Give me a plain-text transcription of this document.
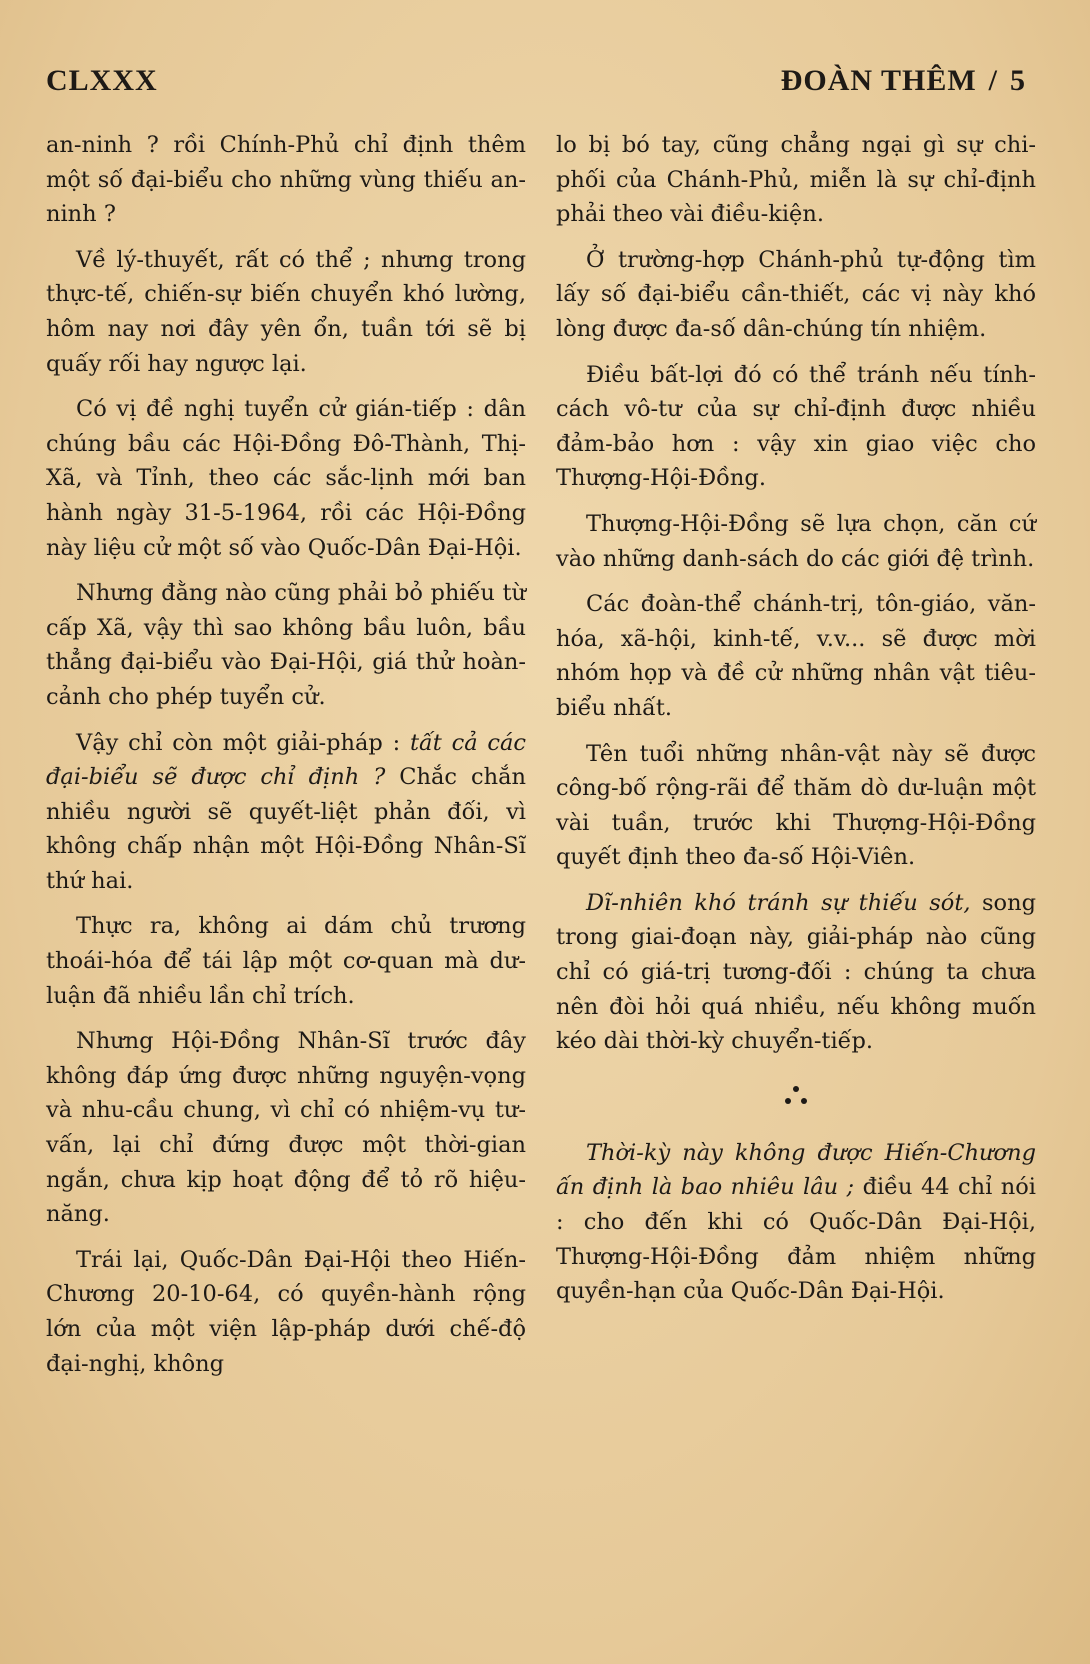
CLXXX	ĐOÀN THÊM / 5

an-ninh ? rồi Chính-Phủ chỉ định thêm một số đại-biểu cho những vùng thiếu an-ninh ?

Về lý-thuyết, rất có thể ; nhưng trong thực-tế, chiến-sự biến chuyển khó lường, hôm nay nơi đây yên ổn, tuần tới sẽ bị quấy rối hay ngược lại.

Có vị đề nghị tuyển cử gián-tiếp : dân chúng bầu các Hội-Đồng Đô-Thành, Thị-Xã, và Tỉnh, theo các sắc-lịnh mới ban hành ngày 31-5-1964, rồi các Hội-Đồng này liệu cử một số vào Quốc-Dân Đại-Hội.

Nhưng đằng nào cũng phải bỏ phiếu từ cấp Xã, vậy thì sao không bầu luôn, bầu thẳng đại-biểu vào Đại-Hội, giá thử hoàn-cảnh cho phép tuyển cử.

Vậy chỉ còn một giải-pháp : tất cả các đại-biểu sẽ được chỉ định ? Chắc chắn nhiều người sẽ quyết-liệt phản đối, vì không chấp nhận một Hội-Đồng Nhân-Sĩ thứ hai.

Thực ra, không ai dám chủ trương thoái-hóa để tái lập một cơ-quan mà dư-luận đã nhiều lần chỉ trích.

Nhưng Hội-Đồng Nhân-Sĩ trước đây không đáp ứng được những nguyện-vọng và nhu-cầu chung, vì chỉ có nhiệm-vụ tư-vấn, lại chỉ đứng được một thời-gian ngắn, chưa kịp hoạt động để tỏ rõ hiệu-năng.

Trái lại, Quốc-Dân Đại-Hội theo Hiến-Chương 20-10-64, có quyền-hành rộng lớn của một viện lập-pháp dưới chế-độ đại-nghị, không

lo bị bó tay, cũng chẳng ngại gì sự chi-phối của Chánh-Phủ, miễn là sự chỉ-định phải theo vài điều-kiện.

Ở trường-hợp Chánh-phủ tự-động tìm lấy số đại-biểu cần-thiết, các vị này khó lòng được đa-số dân-chúng tín nhiệm.

Điều bất-lợi đó có thể tránh nếu tính-cách vô-tư của sự chỉ-định được nhiều đảm-bảo hơn : vậy xin giao việc cho Thượng-Hội-Đồng.

Thượng-Hội-Đồng sẽ lựa chọn, căn cứ vào những danh-sách do các giới đệ trình.

Các đoàn-thể chánh-trị, tôn-giáo, văn-hóa, xã-hội, kinh-tế, v.v... sẽ được mời nhóm họp và đề cử những nhân vật tiêu-biểu nhất.

Tên tuổi những nhân-vật này sẽ được công-bố rộng-rãi để thăm dò dư-luận một vài tuần, trước khi Thượng-Hội-Đồng quyết định theo đa-số Hội-Viên.

Dĩ-nhiên khó tránh sự thiếu sót, song trong giai-đoạn này, giải-pháp nào cũng chỉ có giá-trị tương-đối : chúng ta chưa nên đòi hỏi quá nhiều, nếu không muốn kéo dài thời-kỳ chuyển-tiếp.

Thời-kỳ này không được Hiến-Chương ấn định là bao nhiêu lâu ; điều 44 chỉ nói : cho đến khi có Quốc-Dân Đại-Hội, Thượng-Hội-Đồng đảm nhiệm những quyền-hạn của Quốc-Dân Đại-Hội.
